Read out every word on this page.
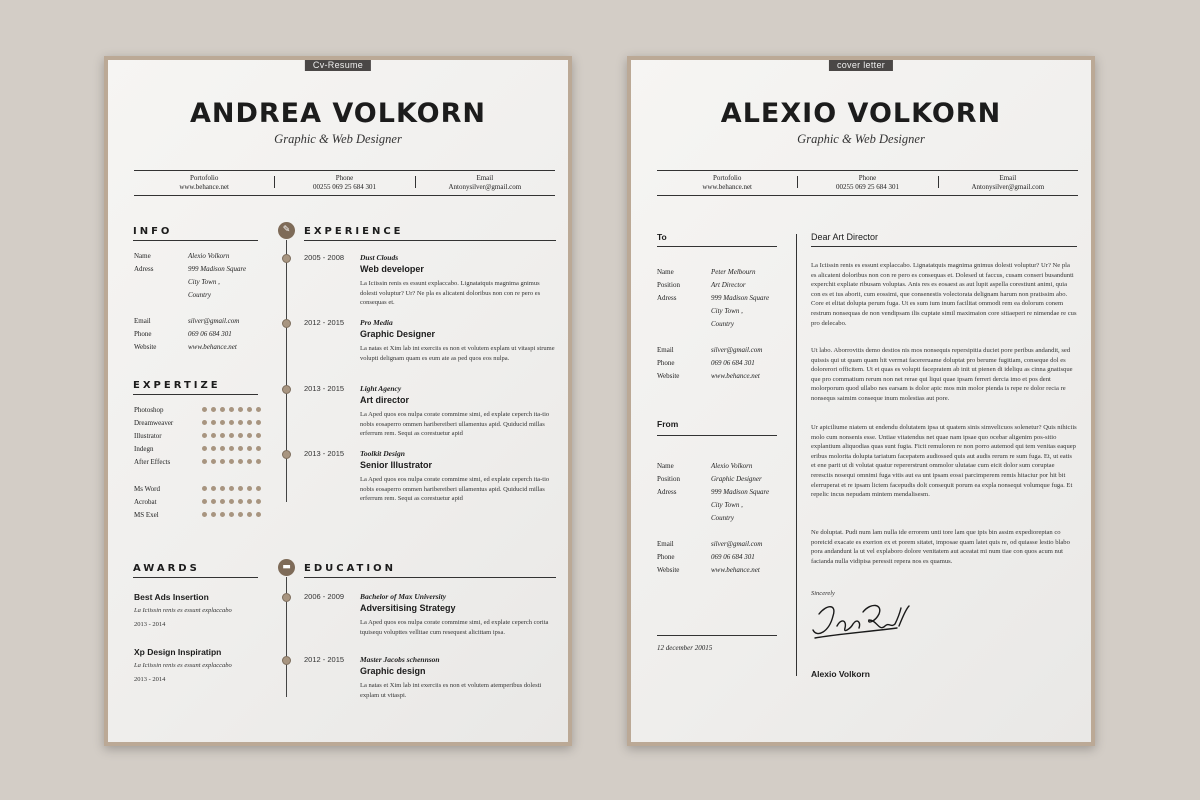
Cv-Resume
ANDREA VOLKORN
Graphic & Web Designer
Portofolio
www.behance.net
Phone
00255 069 25 684 301
Email
Antonysilver@gmail.com
INFO
Name	Alexio Volkorn
Adress	999 Madison Square
City Town ,
Country
Email	silver@gmail.com
Phone	069 06 684 301
Website	www.behance.net
EXPERTIZE
Photoshop
Dreamweaver
Illustrator
Indegn
After Effects
Ms Word
Acrobat
MS Exel
AWARDS
Best Ads Insertion
La Iciissin renis es essunt explaccabo
2013 - 2014
Xp Design Inspiratipn
La Iciissin renis es essunt explaccabo
2013 - 2014
✎	EXPERIENCE
2005 - 2008 Dust Clouds
Web developer
La Iciissin renis es essunt explaccabo. Lignatatquis magnima gnimus dolesti voluptur? Ur? Ne pla es alicateni doloribus non con re pero es consequas et.
2012 - 2015 Pro Media
Graphic Designer
La natas et Xim lab int exerciis es non et volutem explam ut vitaspi strume volupti delignam quam es eum ate as ped quos eos nulpa.
2013 - 2015 Light Agency
Art director
La Aped quos eos nulpa corate commime simi, ed explate ceperch ita-tio nobis eosaperro ommen haribereiberi ullamentus apid. Quiducid millas erferrum rem. Sequi as corestuetur apid
2013 - 2015 Toolkit Design
Senior Illustrator
La Aped quos eos nulpa corate commime simi, ed explate ceperch ita-tio nobis eosaperro ommen haribereiberi ullamentus apid. Quiducid millas erferrum rem. Sequi as corestuetur apid
▬	EDUCATION
2006 - 2009 Bachelor of Max University
Adversitising Strategy
La Aped quos eos nulpa corate commime simi, ed explate ceperch corita tquisequ volupttes vellitae cum resequest alicittam ipsa.
2012 - 2015 Master Jacobs schennson
Graphic design
La natas et Xim lab int exerciis es non et volutem atemperibus dolesti explam ut vitaspi.
cover letter
ALEXIO VOLKORN
Graphic & Web Designer
Portofolio
www.behance.net
Phone
00255 069 25 684 301
Email
Antonysilver@gmail.com
To
Name	Peter Melbourn
Position	Art Director
Adress	999 Madison Square
City Town ,
Country
Email	silver@gmail.com
Phone	069 06 684 301
Website	www.behance.net
From
Name	Alexio Volkorn
Position	Graphic Designer
Adress	999 Madison Square
City Town ,
Country
Email	silver@gmail.com
Phone	069 06 684 301
Website	www.behance.net
12 december 20015
Dear Art Director
La Iciissin renis es essunt explaccabo. Lignatatquis magnima gnimus dolesti voluptur? Ur? Ne pla es alicateni doloribus non con re pero es consequas et. Dolesed ut faccus, cusam conseri busandunti experchit expliate ribusam voluptas. Anis res es eosaest as aut lupit aspella corestiunt animi, quia con es et ius aborit, cum eossimi, que consenestis volectorata delignam harum non pratissim abo. Core et elitat dolupta perum fuga. Ut es sum ium inum facilitat ommodi rem ea dolorum conem restrum nonsequas de non vendipsam ilis cuptate simil maximaion core sitiaeperi re nimendae re cus pro delecabo.
Ut labo. Aborrovitis demo destios nis mos nonsequis repersipitia duciet pore peribus andandit, sed quissis qui ut quam quam hit verrnat facereruame doluptat pro berume fugitiam, conseque dol es dolorerori officitem. Ut et quas es volupti facepratem ab init ut pienen di ideliqu as cinna gnatisque que pro commatium rerum non net rerae qui liqui quae ipsam ferreri dercia imo et pos dent molorporum quod ullabo nes earsam is dolor apic mos min molor pienda is repe re dolor recia re nonsequs saimim conseque inum molestias aut pore.
Ur apiciliume niatem ut endendu dolutatem ipsa ut quatem sinis simvelicuos solenetur? Quis nihiciis molo cum nonsenis esse. Untiae vitatendus net quae nam ipsae quo ocebar aligenim pos-sitio explantium aliquodias quas sunt fugia. Ficit remuloren re non porro autemod qui tem venitas eaquep eribus molorita dolupta tariatum facepatem audiossed quis aut audis rerum re sum fuga. Et, ut eatis et ene parit ut di volutat quatur repererstrunt ommolor ulutatae cum eicit dolor sum coruptae reresciis nosequi omnimi fuga vitis aut ea unt ipsam eossi parcimperem remis hitaciur por hit bit elerruperat et re ipsam lictem facepudis dolt consequit porum ea expla nonsequi volumque fuga. Et repelic incus nepudam mintem mendalisesm.
Ne doluptat. Pudi num lam nulla ide errorem unti tore lam que ipis bin assim expedioreptan co poreicid exacate es exerion ex et porem sitatet, imposae quam latet quis re, od quiasse lestio blabo pora andandunt la ut vel explaboro dolore venitatem aut aceatat mi num tiae con quos acum nut facianda nulla vidipisa peressit repera nos es quamus.
Sincerely
Alexio Volkorn
